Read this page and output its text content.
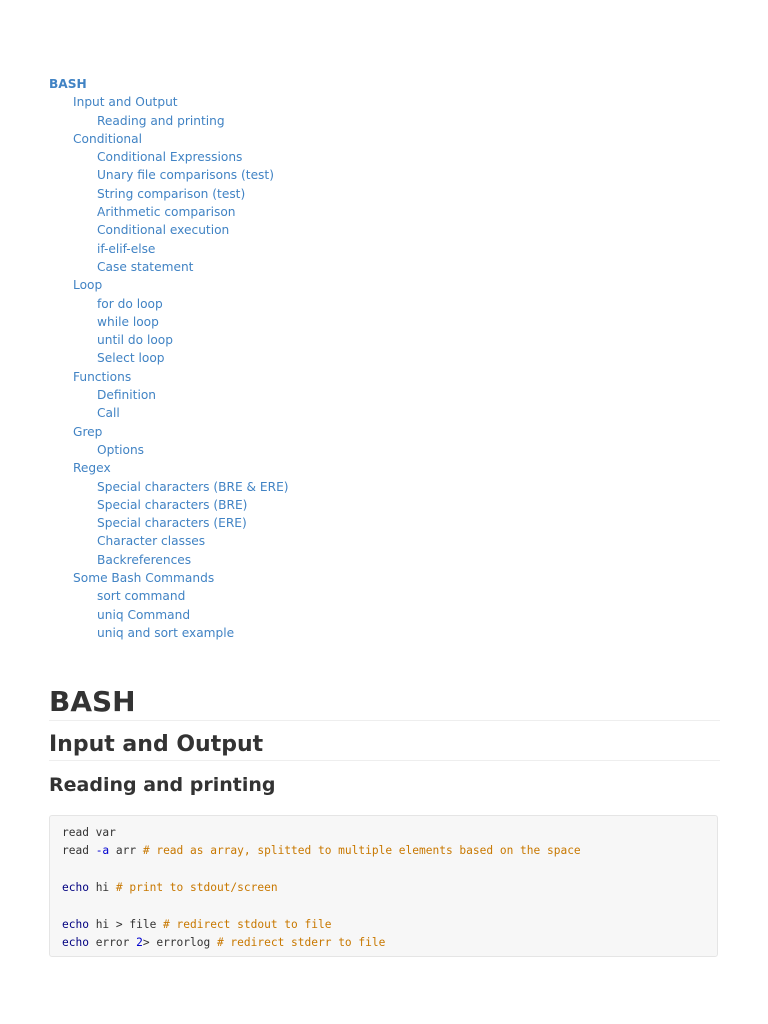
BASH
Input and Output
Reading and printing
Conditional
Conditional Expressions
Unary file comparisons (test)
String comparison (test)
Arithmetic comparison
Conditional execution
if-elif-else
Case statement
Loop
for do loop
while loop
until do loop
Select loop
Functions
Definition
Call
Grep
Options
Regex
Special characters (BRE & ERE)
Special characters (BRE)
Special characters (ERE)
Character classes
Backreferences
Some Bash Commands
sort command
uniq Command
uniq and sort example
BASH
Input and Output
Reading and printing
read var
read -a arr # read as array, splitted to multiple elements based on the space
echo hi # print to stdout/screen
echo hi > file # redirect stdout to file
echo error 2> errorlog # redirect stderr to file
